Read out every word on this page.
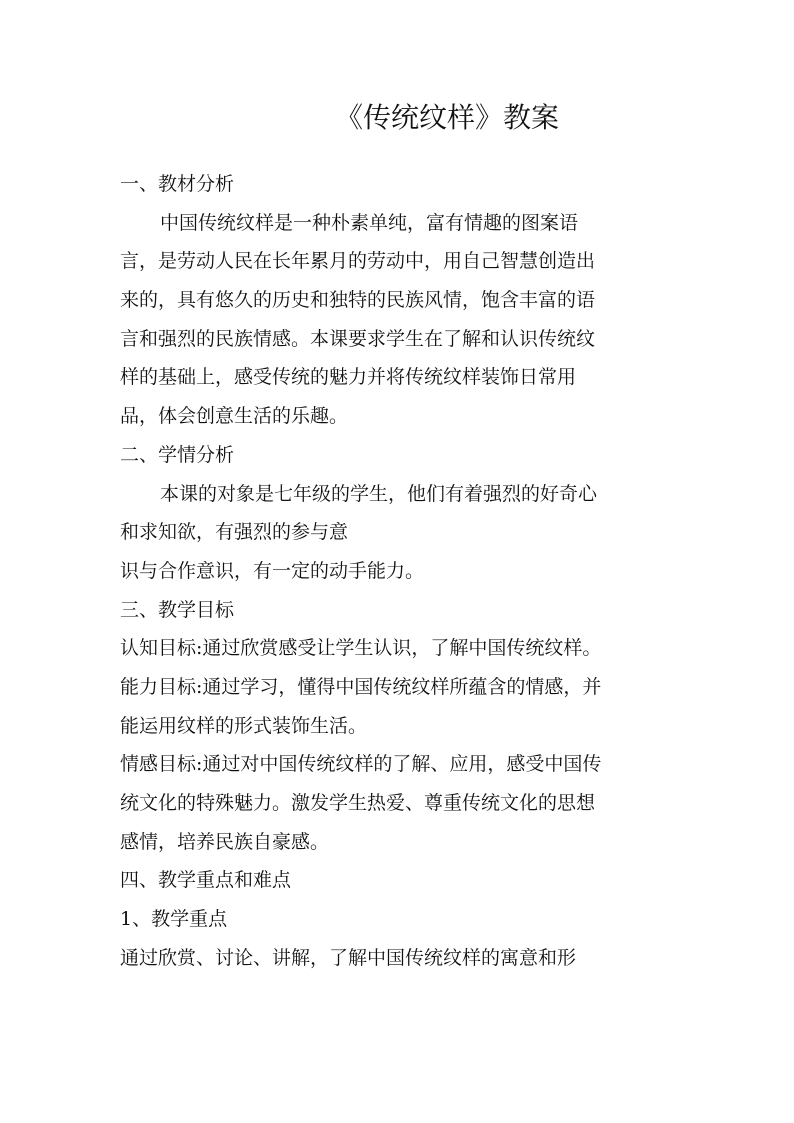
《传统纹样》教案
一、教材分析
中国传统纹样是一种朴素单纯，富有情趣的图案语
言，是劳动人民在长年累月的劳动中，用自己智慧创造出
来的，具有悠久的历史和独特的民族风情，饱含丰富的语
言和强烈的民族情感。本课要求学生在了解和认识传统纹
样的基础上，感受传统的魅力并将传统纹样装饰日常用
品，体会创意生活的乐趣。
二、学情分析
本课的对象是七年级的学生，他们有着强烈的好奇心
和求知欲，有强烈的参与意
识与合作意识，有一定的动手能力。
三、教学目标
认知目标:通过欣赏感受让学生认识，了解中国传统纹样。
能力目标:通过学习，懂得中国传统纹样所蕴含的情感，并
能运用纹样的形式装饰生活。
情感目标:通过对中国传统纹样的了解、应用，感受中国传
统文化的特殊魅力。激发学生热爱、尊重传统文化的思想
感情，培养民族自豪感。
四、教学重点和难点
1、教学重点
通过欣赏、讨论、讲解，了解中国传统纹样的寓意和形
